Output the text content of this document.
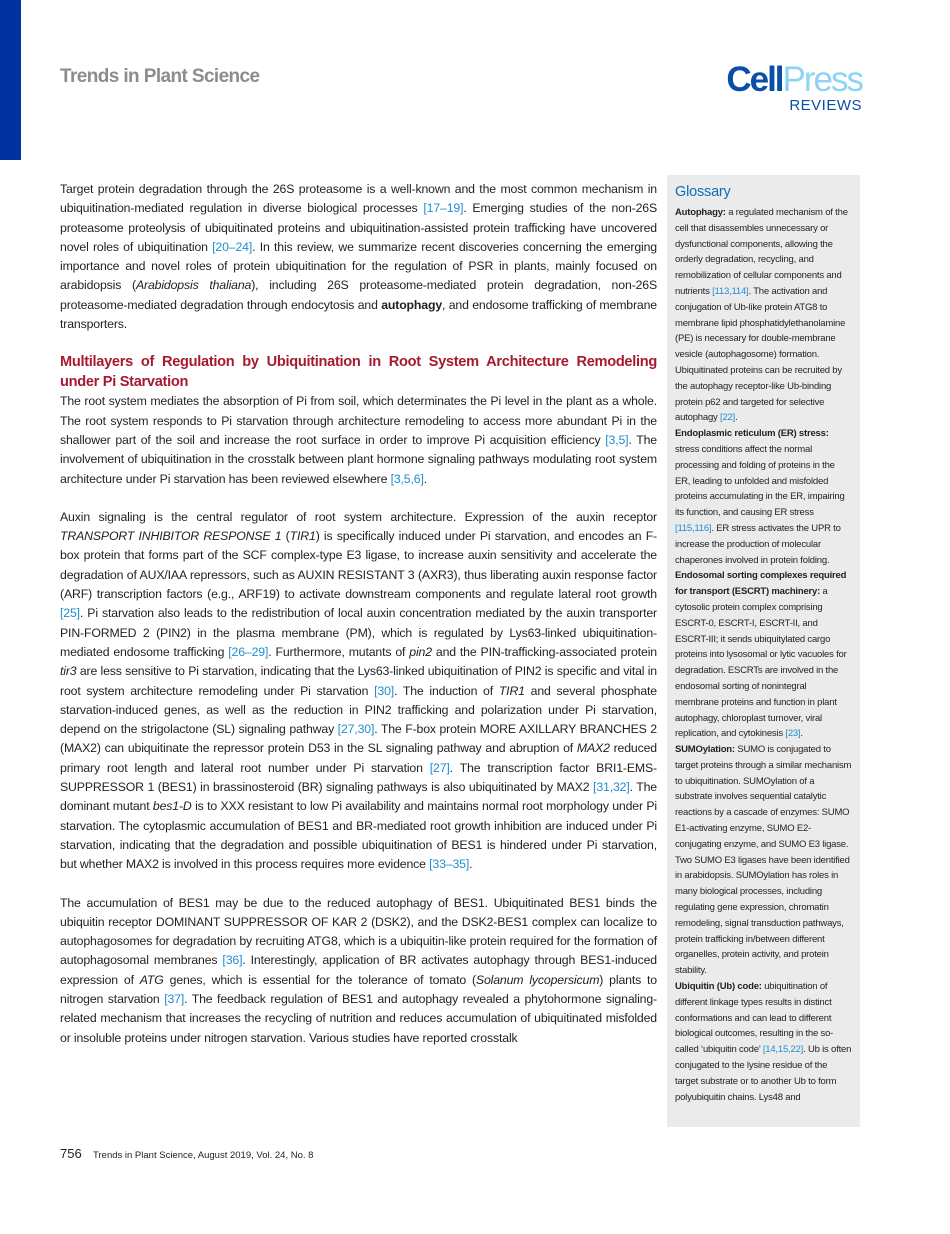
Trends in Plant Science	CellPress
REVIEWS

Target protein degradation through the 26S proteasome is a well-known and the most common mechanism in ubiquitination-mediated regulation in diverse biological processes [17–19]. Emerging studies of the non-26S proteasome proteolysis of ubiquitinated proteins and ubiquitination-assisted protein trafficking have uncovered novel roles of ubiquitination [20–24]. In this review, we summarize recent discoveries concerning the emerging importance and novel roles of protein ubiquitination for the regulation of PSR in plants, mainly focused on arabidopsis (Arabidopsis thaliana), including 26S proteasome-mediated protein degradation, non-26S proteasome-mediated degradation through endocytosis and autophagy, and endosome trafficking of membrane transporters.

Multilayers of Regulation by Ubiquitination in Root System Architecture Remodeling under Pi Starvation

The root system mediates the absorption of Pi from soil, which determinates the Pi level in the plant as a whole. The root system responds to Pi starvation through architecture remodeling to access more abundant Pi in the shallower part of the soil and increase the root surface in order to improve Pi acquisition efficiency [3,5]. The involvement of ubiquitination in the crosstalk between plant hormone signaling pathways modulating root system architecture under Pi starvation has been reviewed elsewhere [3,5,6].

Auxin signaling is the central regulator of root system architecture. Expression of the auxin receptor TRANSPORT INHIBITOR RESPONSE 1 (TIR1) is specifically induced under Pi starvation, and encodes an F-box protein that forms part of the SCF complex-type E3 ligase, to increase auxin sensitivity and accelerate the degradation of AUX/IAA repressors, such as AUXIN RESISTANT 3 (AXR3), thus liberating auxin response factor (ARF) transcription factors (e.g., ARF19) to activate downstream components and regulate lateral root growth [25]. Pi starvation also leads to the redistribution of local auxin concentration mediated by the auxin transporter PIN-FORMED 2 (PIN2) in the plasma membrane (PM), which is regulated by Lys63-linked ubiquitination-mediated endosome trafficking [26–29]. Furthermore, mutants of pin2 and the PIN-trafficking-associated protein tir3 are less sensitive to Pi starvation, indicating that the Lys63-linked ubiquitination of PIN2 is specific and vital in root system architecture remodeling under Pi starvation [30]. The induction of TIR1 and several phosphate starvation-induced genes, as well as the reduction in PIN2 trafficking and polarization under Pi starvation, depend on the strigolactone (SL) signaling pathway [27,30]. The F-box protein MORE AXILLARY BRANCHES 2 (MAX2) can ubiquitinate the repressor protein D53 in the SL signaling pathway and abruption of MAX2 reduced primary root length and lateral root number under Pi starvation [27]. The transcription factor BRI1-EMS-SUPPRESSOR 1 (BES1) in brassinosteroid (BR) signaling pathways is also ubiquitinated by MAX2 [31,32]. The dominant mutant bes1-D is to XXX resistant to low Pi availability and maintains normal root morphology under Pi starvation. The cytoplasmic accumulation of BES1 and BR-mediated root growth inhibition are induced under Pi starvation, indicating that the degradation and possible ubiquitination of BES1 is hindered under Pi starvation, but whether MAX2 is involved in this process requires more evidence [33–35].

The accumulation of BES1 may be due to the reduced autophagy of BES1. Ubiquitinated BES1 binds the ubiquitin receptor DOMINANT SUPPRESSOR OF KAR 2 (DSK2), and the DSK2-BES1 complex can localize to autophagosomes for degradation by recruiting ATG8, which is a ubiquitin-like protein required for the formation of autophagosomal membranes [36]. Interestingly, application of BR activates autophagy through BES1-induced expression of ATG genes, which is essential for the tolerance of tomato (Solanum lycopersicum) plants to nitrogen starvation [37]. The feedback regulation of BES1 and autophagy revealed a phytohormone signaling-related mechanism that increases the recycling of nutrition and reduces accumulation of ubiquitinated misfolded or insoluble proteins under nitrogen starvation. Various studies have reported crosstalk

Glossary
Autophagy: a regulated mechanism of the cell that disassembles unnecessary or dysfunctional components, allowing the orderly degradation, recycling, and remobilization of cellular components and nutrients [113,114]. The activation and conjugation of Ub-like protein ATG8 to membrane lipid phosphatidylethanolamine (PE) is necessary for double-membrane vesicle (autophagosome) formation. Ubiquitinated proteins can be recruited by the autophagy receptor-like Ub-binding protein p62 and targeted for selective autophagy [22].
Endoplasmic reticulum (ER) stress: stress conditions affect the normal processing and folding of proteins in the ER, leading to unfolded and misfolded proteins accumulating in the ER, impairing its function, and causing ER stress [115,116]. ER stress activates the UPR to increase the production of molecular chaperones involved in protein folding.
Endosomal sorting complexes required for transport (ESCRT) machinery: a cytosolic protein complex comprising ESCRT-0, ESCRT-I, ESCRT-II, and ESCRT-III; it sends ubiquitylated cargo proteins into lysosomal or lytic vacuoles for degradation. ESCRTs are involved in the endosomal sorting of nonintegral membrane proteins and function in plant autophagy, chloroplast turnover, viral replication, and cytokinesis [23].
SUMOylation: SUMO is conjugated to target proteins through a similar mechanism to ubiquitination. SUMOylation of a substrate involves sequential catalytic reactions by a cascade of enzymes: SUMO E1-activating enzyme, SUMO E2-conjugating enzyme, and SUMO E3 ligase. Two SUMO E3 ligases have been identified in arabidopsis. SUMOylation has roles in many biological processes, including regulating gene expression, chromatin remodeling, signal transduction pathways, protein trafficking in/between different organelles, protein activity, and protein stability.
Ubiquitin (Ub) code: ubiquitination of different linkage types results in distinct conformations and can lead to different biological outcomes, resulting in the so-called ‘ubiquitin code’ [14,15,22]. Ub is often conjugated to the lysine residue of the target substrate or to another Ub to form polyubiquitin chains. Lys48 and
756 Trends in Plant Science, August 2019, Vol. 24, No. 8
